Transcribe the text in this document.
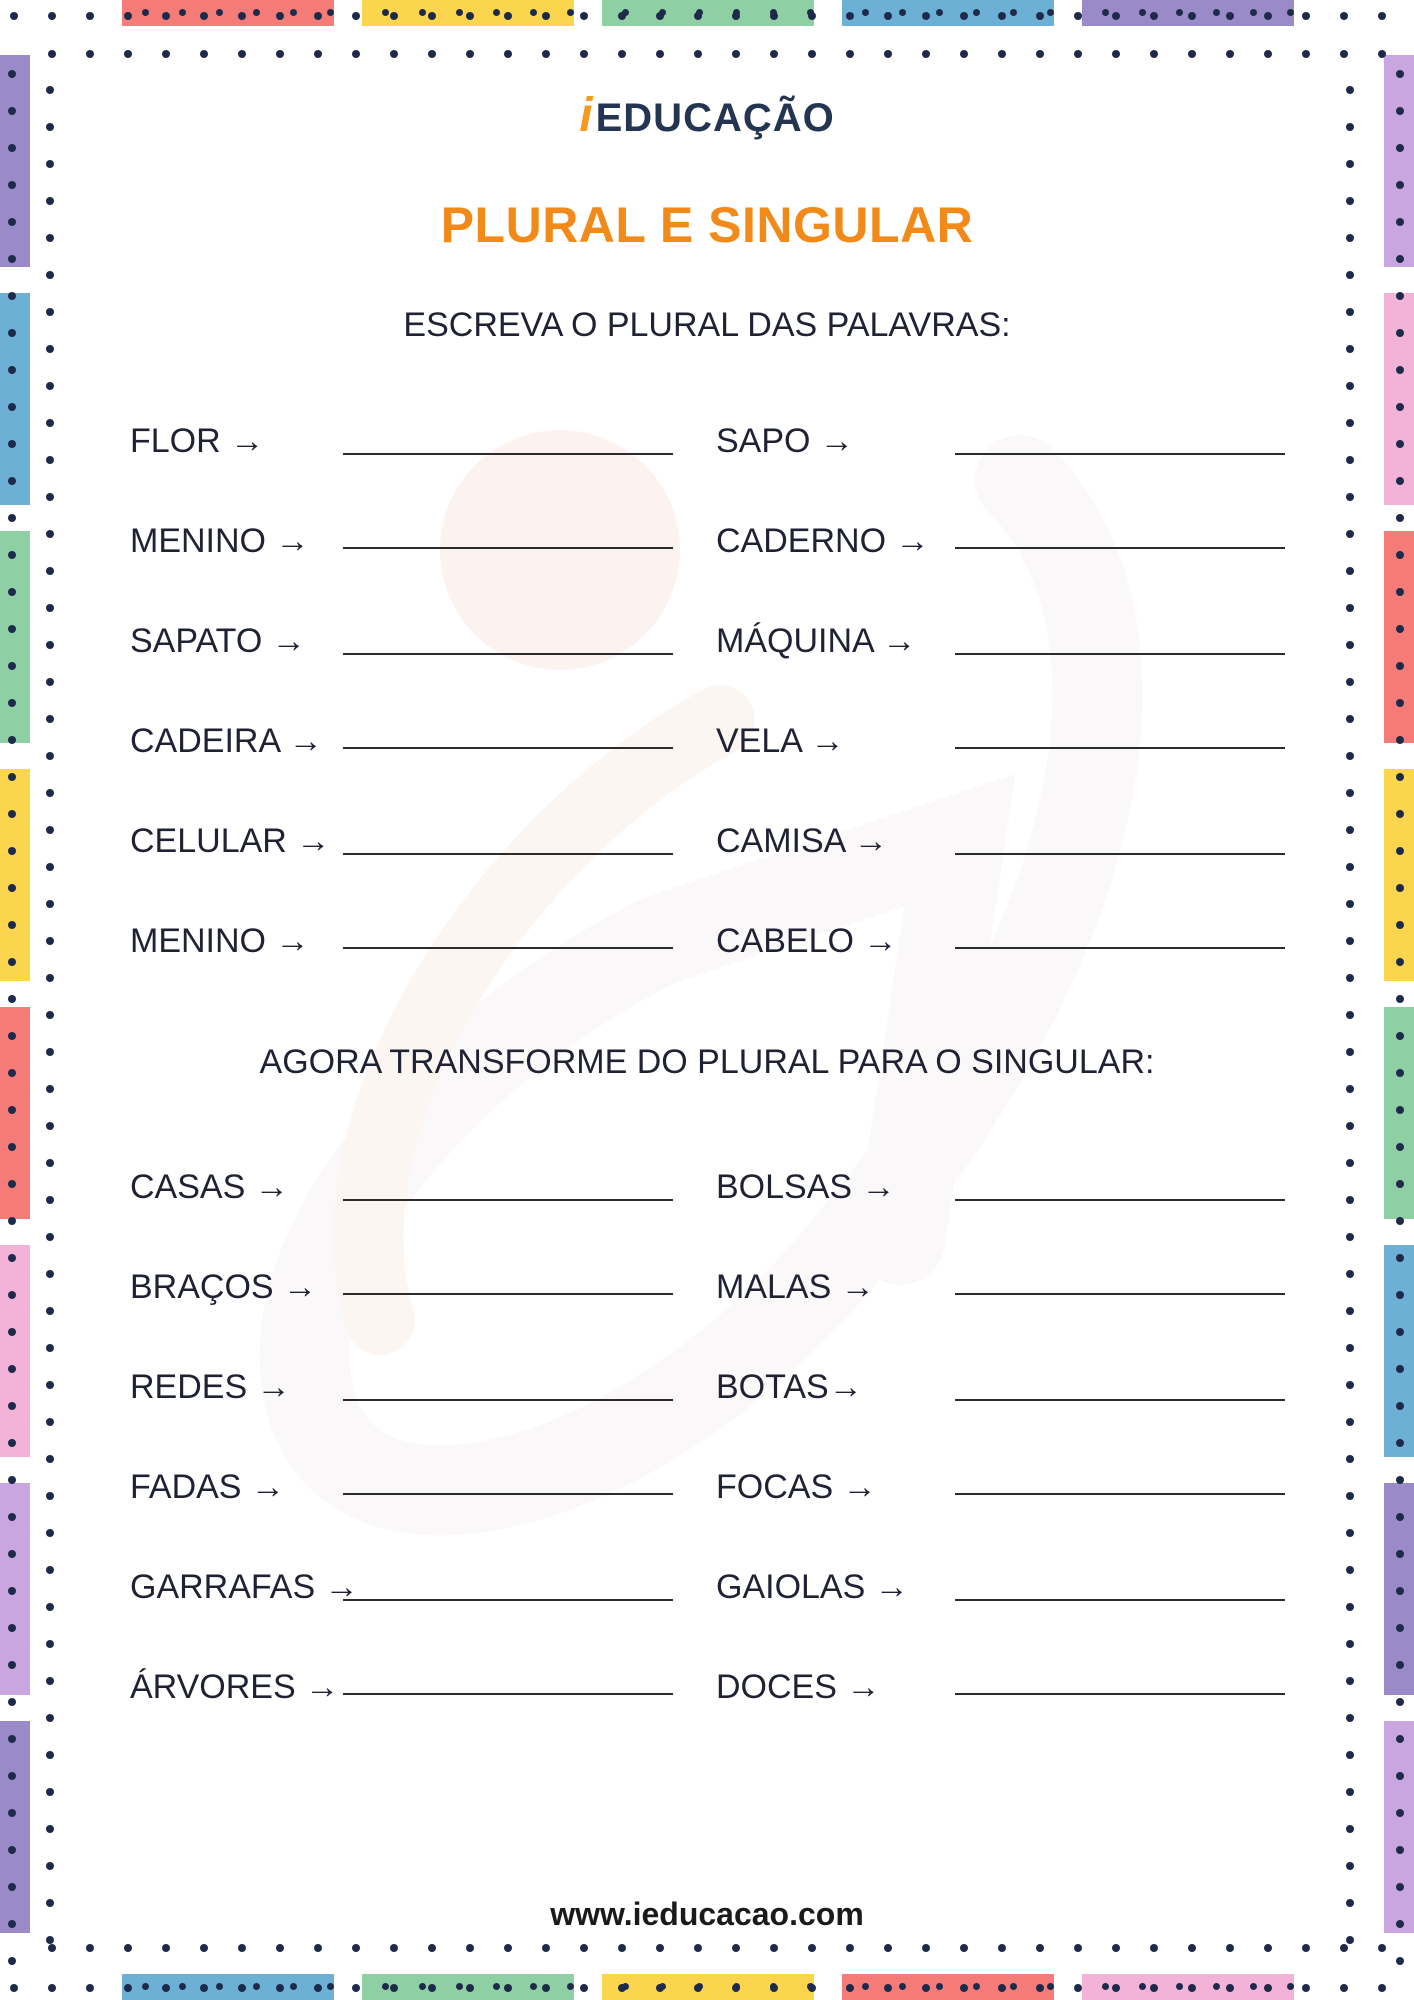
iEDUCAÇÃO
PLURAL E SINGULAR
ESCREVA O PLURAL DAS PALAVRAS:
FLOR →	SAPO →
MENINO →	CADERNO →
SAPATO →	MÁQUINA →
CADEIRA →	VELA →
CELULAR →	CAMISA →
MENINO →	CABELO →
AGORA TRANSFORME DO PLURAL PARA O SINGULAR:
CASAS →	BOLSAS →
BRAÇOS →	MALAS →
REDES →	BOTAS→
FADAS →	FOCAS →
GARRAFAS →	GAIOLAS →
ÁRVORES →	DOCES →
www.ieducacao.com
